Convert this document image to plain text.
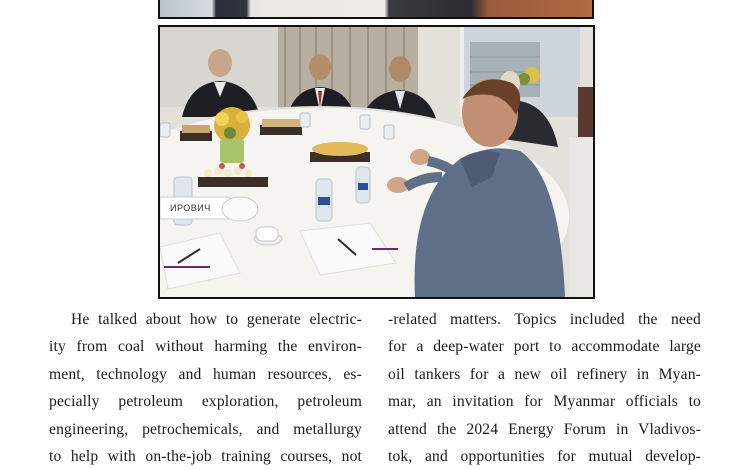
ИРОВИЧ
He talked about how to generate electric-
ity from coal without harming the environ-
ment, technology and human resources, es-
pecially petroleum exploration, petroleum
engineering, petrochemicals, and metallurgy
to help with on-the-job training courses, not
-related matters. Topics included the need
for a deep-water port to accommodate large
oil tankers for a new oil refinery in Myan-
mar, an invitation for Myanmar officials to
attend the 2024 Energy Forum in Vladivos-
tok, and opportunities for mutual develop-
